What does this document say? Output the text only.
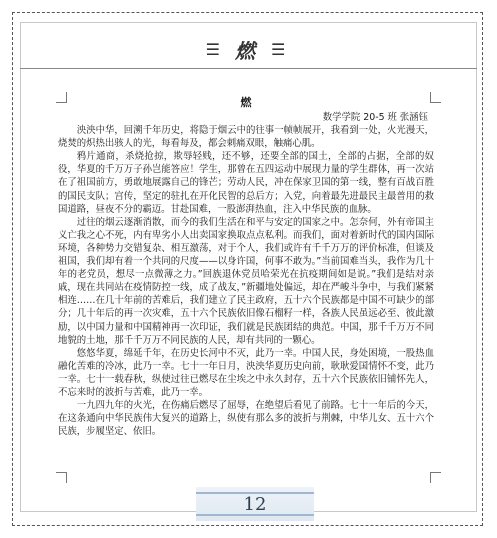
☰ 燃 ☰
燃

数学学院 20-5 班 张涵钰

泱泱中华，回溯千年历史，将隐于烟云中的往事一帧帧展开，我看到一处，火光漫天，烧焚的炽热出骇人的光，每看每及，都会刺痛双眼，触痛心肌。

鸦片通商，杀烧抢掠，欺辱轻贱，还不够，还要全部的国土，全部的占据，全部的奴役，华夏的千万万子孙岂能答应！学生，那曾在五四运动中展现力量的学生群体，再一次站在了祖国前方，勇敢地展露自己的锋芒；劳动人民，冲在保家卫国的第一线，整有百战百胜的国民支队；宫传，坚定的驻扎在开化民智的总后方；入党，向着最先进最民主最普用的救国道路，昼夜不分的霸迈。甘赴国难，一股澎湃热血，注入中华民族的血脉。

过往的烟云逐渐消散，而今的我们生活在和平与安定的国家之中。怎奈何，外有帝国主义亡我之心不死，内有卑劣小人出卖国家换取点点私利。而我们，面对着新时代的国内国际环境，各种势力交错复杂、相互激荡，对于个人，我们或许有千千万万的评价标准，但谈及祖国，我们却有着一个共同的尺度——以身许国，何事不敢为。”当前国难当头，我作为几十年的老党员，想尽一点微薄之力。”回族退休党员哈荣光在抗疫期间如是说。”我们是结对亲戚，现在共同站在疫情防控一线，成了战友，”新疆地处偏远，却在严峻斗争中，与我们紧紧相连……在几十年前的苦难后，我们建立了民主政府，五十六个民族都是中国不可缺少的部分；几十年后的再一次灾难，五十六个民族依旧像石榴籽一样，各族人民虽远必至、彼此激励，以中国力量和中国精神再一次印证，我们就是民族团结的典范。中国，那千千万万不同地貌的土地，那千千万万不同民族的人民，却有共同的一颗心。

悠悠华夏，绵延千年，在历史长河中不灭，此乃一幸。中国人民，身处困境，一股热血融化苦难的冷冰，此乃一幸。七十一年日月，泱泱华夏历史向前，耿耿爱国情怀不变，此乃一幸。七十一载春秋，纵使过往已燃尽在尘埃之中永久封存，五十六个民族依旧铺怀先人，不忘来时的波折与苦难，此乃一幸。

一九四九年的火光，在伤痛后燃尽了屈辱，在绝望后看见了前路。七十一年后的今天，在这条通向中华民族伟大复兴的道路上，纵使有那么多的波折与荆棘，中华儿女、五十六个民族，步履坚定、依旧。

12
